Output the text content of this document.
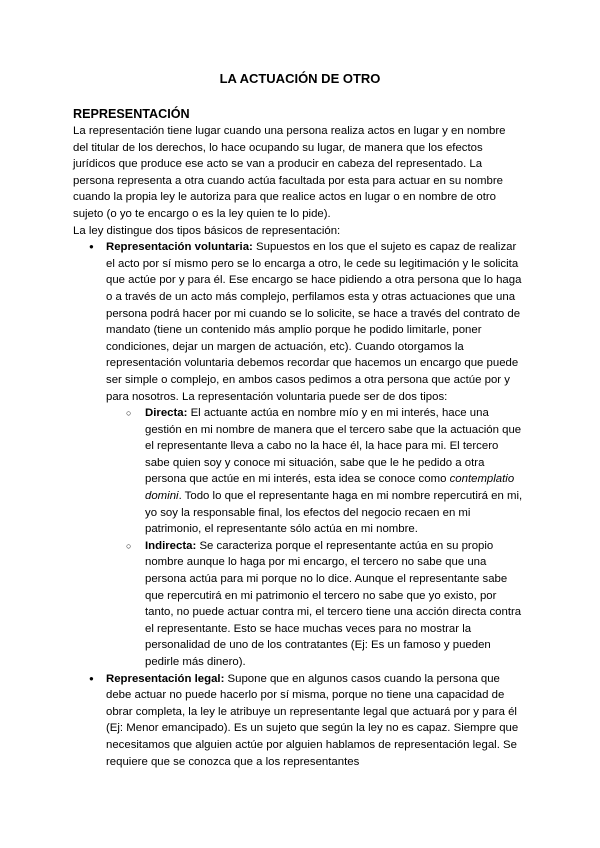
LA ACTUACIÓN DE OTRO
REPRESENTACIÓN

La representación tiene lugar cuando una persona realiza actos en lugar y en nombre del titular de los derechos, lo hace ocupando su lugar, de manera que los efectos jurídicos que produce ese acto se van a producir en cabeza del representado. La persona representa a otra cuando actúa facultada por esta para actuar en su nombre cuando la propia ley le autoriza para que realice actos en lugar o en nombre de otro sujeto (o yo te encargo o es la ley quien te lo pide).

La ley distingue dos tipos básicos de representación:

● Representación voluntaria: Supuestos en los que el sujeto es capaz de realizar el acto por sí mismo pero se lo encarga a otro, le cede su legitimación y le solicita que actúe por y para él. Ese encargo se hace pidiendo a otra persona que lo haga o a través de un acto más complejo, perfilamos esta y otras actuaciones que una persona podrá hacer por mi cuando se lo solicite, se hace a través del contrato de mandato (tiene un contenido más amplio porque he podido limitarle, poner condiciones, dejar un margen de actuación, etc). Cuando otorgamos la representación voluntaria debemos recordar que hacemos un encargo que puede ser simple o complejo, en ambos casos pedimos a otra persona que actúe por y para nosotros. La representación voluntaria puede ser de dos tipos:
○ Directa: El actuante actúa en nombre mío y en mi interés, hace una gestión en mi nombre de manera que el tercero sabe que la actuación que el representante lleva a cabo no la hace él, la hace para mi. El tercero sabe quien soy y conoce mi situación, sabe que le he pedido a otra persona que actúe en mi interés, esta idea se conoce como contemplatio domini. Todo lo que el representante haga en mi nombre repercutirá en mi, yo soy la responsable final, los efectos del negocio recaen en mi patrimonio, el representante sólo actúa en mi nombre.
○ Indirecta: Se caracteriza porque el representante actúa en su propio nombre aunque lo haga por mi encargo, el tercero no sabe que una persona actúa para mi porque no lo dice. Aunque el representante sabe que repercutirá en mi patrimonio el tercero no sabe que yo existo, por tanto, no puede actuar contra mi, el tercero tiene una acción directa contra el representante. Esto se hace muchas veces para no mostrar la personalidad de uno de los contratantes (Ej: Es un famoso y pueden pedirle más dinero).
● Representación legal: Supone que en algunos casos cuando la persona que debe actuar no puede hacerlo por sí misma, porque no tiene una capacidad de obrar completa, la ley le atribuye un representante legal que actuará por y para él (Ej: Menor emancipado). Es un sujeto que según la ley no es capaz. Siempre que necesitamos que alguien actúe por alguien hablamos de representación legal. Se requiere que se conozca que a los representantes
